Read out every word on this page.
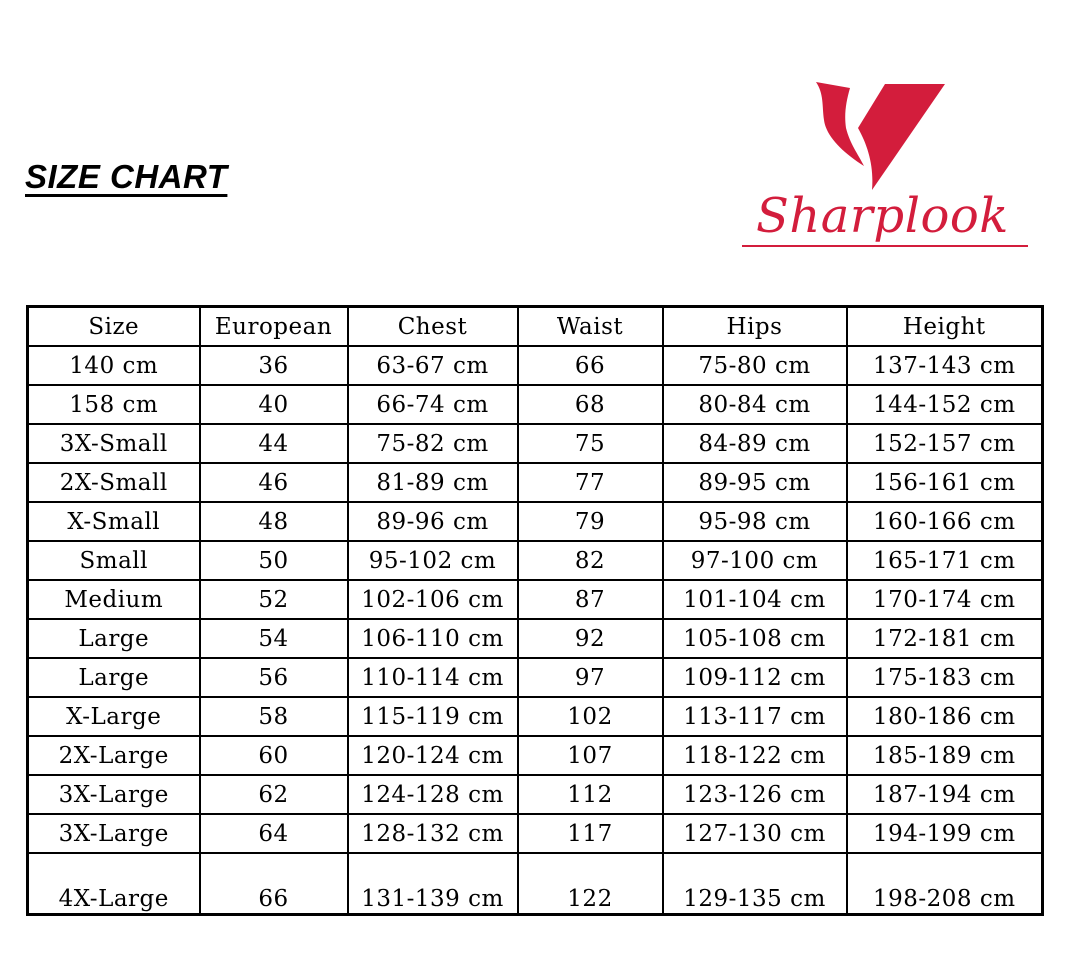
SIZE CHART
Sharplook
Size	European	Chest	Waist	Hips	Height
140 cm	36	63-67 cm	66	75-80 cm	137-143 cm
158 cm	40	66-74 cm	68	80-84 cm	144-152 cm
3X-Small	44	75-82 cm	75	84-89 cm	152-157 cm
2X-Small	46	81-89 cm	77	89-95 cm	156-161 cm
X-Small	48	89-96 cm	79	95-98 cm	160-166 cm
Small	50	95-102 cm	82	97-100 cm	165-171 cm
Medium	52	102-106 cm	87	101-104 cm	170-174 cm
Large	54	106-110 cm	92	105-108 cm	172-181 cm
Large	56	110-114 cm	97	109-112 cm	175-183 cm
X-Large	58	115-119 cm	102	113-117 cm	180-186 cm
2X-Large	60	120-124 cm	107	118-122 cm	185-189 cm
3X-Large	62	124-128 cm	112	123-126 cm	187-194 cm
3X-Large	64	128-132 cm	117	127-130 cm	194-199 cm
4X-Large	66	131-139 cm	122	129-135 cm	198-208 cm
